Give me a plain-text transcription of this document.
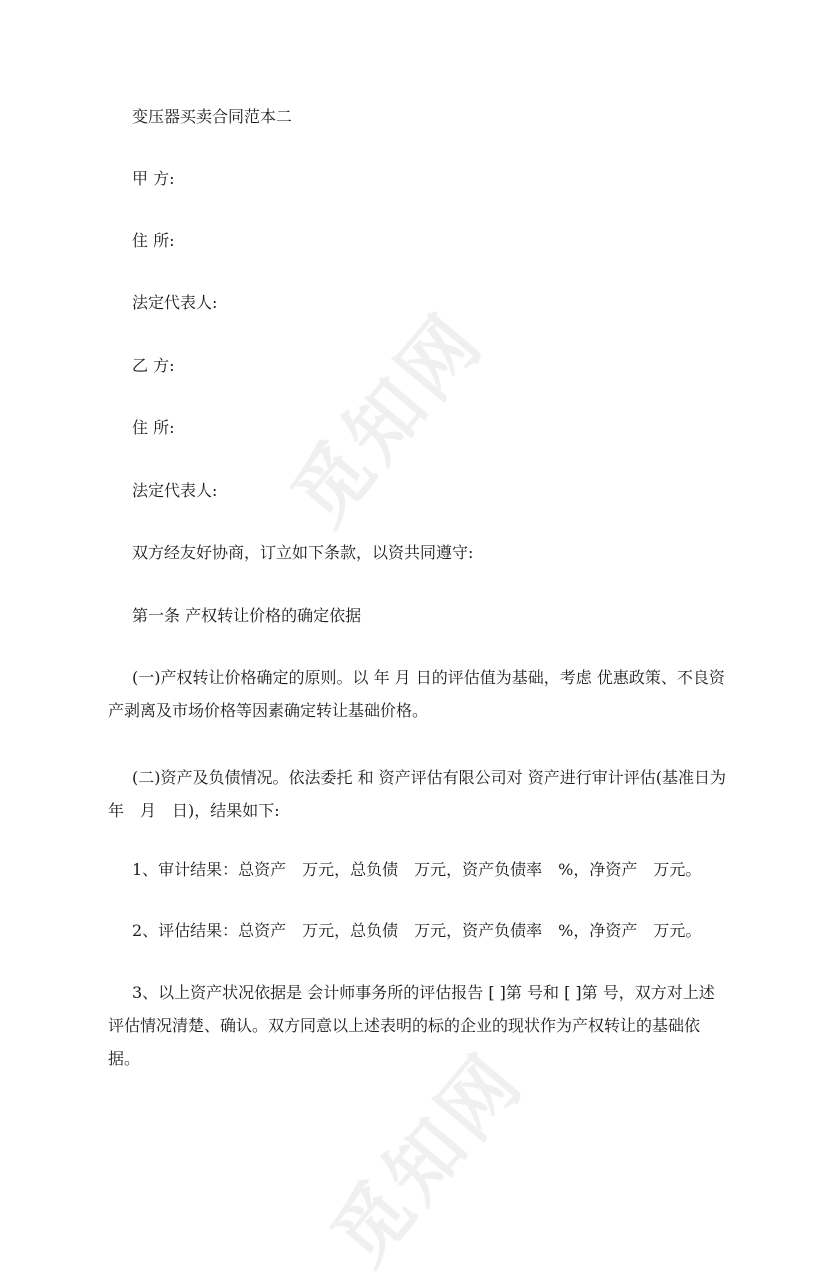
觅知网
觅知网

变压器买卖合同范本二

甲 方:

住 所:

法定代表人:

乙 方:

住 所:

法定代表人:

双方经友好协商，订立如下条款，以资共同遵守:

第一条 产权转让价格的确定依据

(一)产权转让价格确定的原则。以 年 月 日的评估值为基础，考虑 优惠政策、不良资产剥离及市场价格等因素确定转让基础价格。

(二)资产及负债情况。依法委托 和 资产评估有限公司对 资产进行审计评估(基准日为　　年　月　日)，结果如下:

1、审计结果：总资产　万元，总负债　万元，资产负债率　%，净资产　万元。

2、评估结果：总资产　万元，总负债　万元，资产负债率　%，净资产　万元。

3、以上资产状况依据是 会计师事务所的评估报告 [ ]第 号和 [ ]第 号，双方对上述评估情况清楚、确认。双方同意以上述表明的标的企业的现状作为产权转让的基础依据。
